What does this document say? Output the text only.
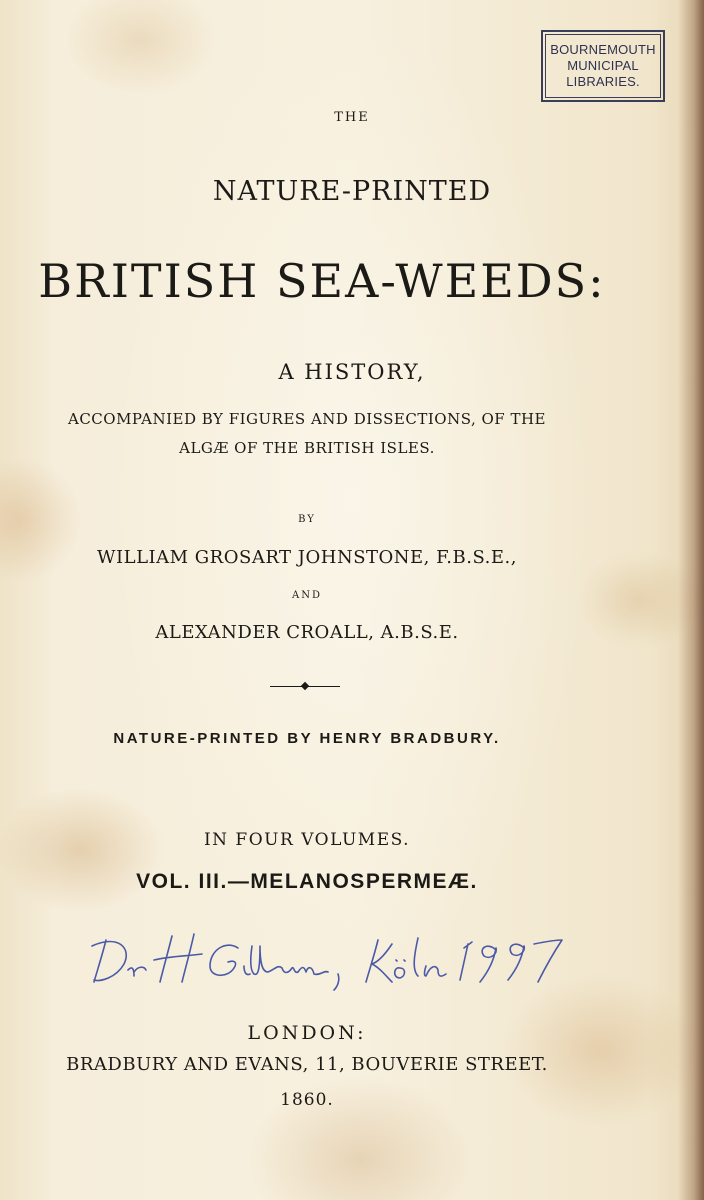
BOURNEMOUTH
MUNICIPAL
LIBRARIES.
THE
NATURE-PRINTED
BRITISH SEA-WEEDS:
A HISTORY,
ACCOMPANIED BY FIGURES AND DISSECTIONS, OF THE
ALGÆ OF THE BRITISH ISLES.
BY
WILLIAM GROSART JOHNSTONE, F.B.S.E.,
AND
ALEXANDER CROALL, A.B.S.E.
NATURE-PRINTED BY HENRY BRADBURY.
IN FOUR VOLUMES.
VOL. III.—MELANOSPERMEÆ.
LONDON:
BRADBURY AND EVANS, 11, BOUVERIE STREET.
1860.
